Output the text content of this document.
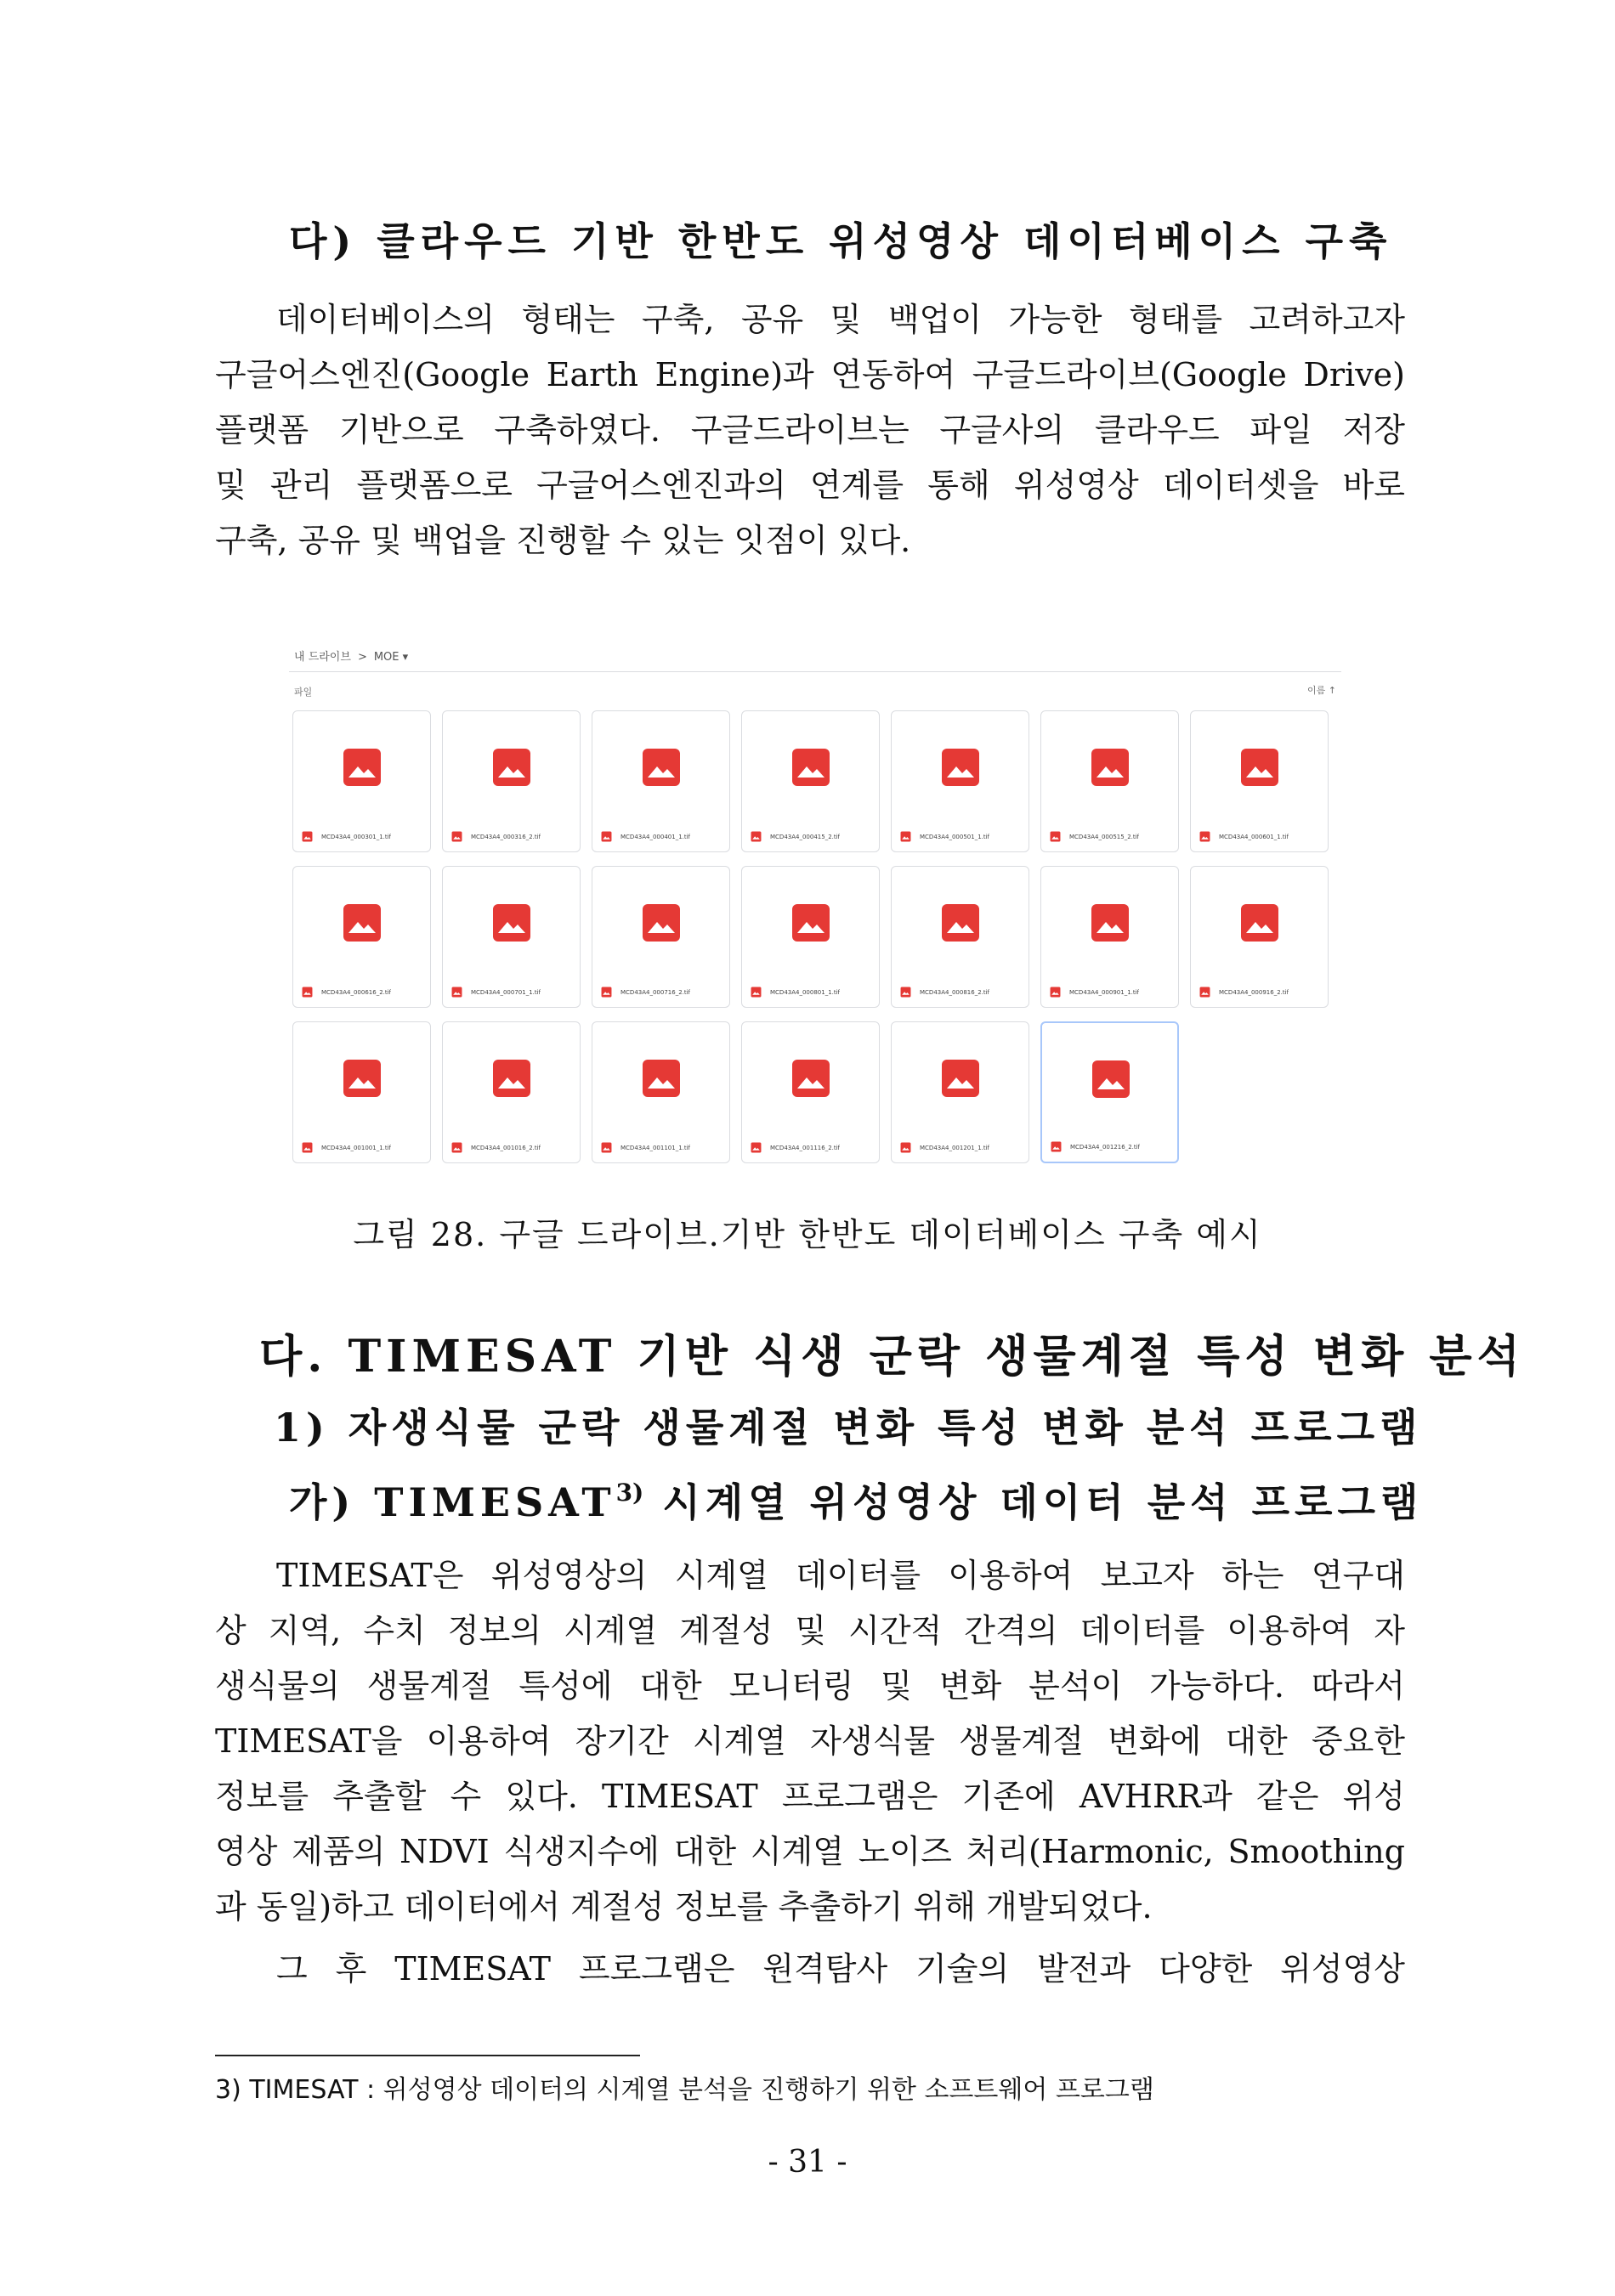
다) 클라우드 기반 한반도 위성영상 데이터베이스 구축
데이터베이스의 형태는 구축, 공유 및 백업이 가능한 형태를 고려하고자
구글어스엔진(Google Earth Engine)과 연동하여 구글드라이브(Google Drive)
플랫폼 기반으로 구축하였다. 구글드라이브는 구글사의 클라우드 파일 저장
및 관리 플랫폼으로 구글어스엔진과의 연계를 통해 위성영상 데이터셋을 바로
구축, 공유 및 백업을 진행할 수 있는 잇점이 있다.
내 드라이브 > MOE ▾
파일	이름 ↑
MCD43A4_000301_1.tif	MCD43A4_000316_2.tif	MCD43A4_000401_1.tif	MCD43A4_000415_2.tif	MCD43A4_000501_1.tif	MCD43A4_000515_2.tif	MCD43A4_000601_1.tif
MCD43A4_000616_2.tif	MCD43A4_000701_1.tif	MCD43A4_000716_2.tif	MCD43A4_000801_1.tif	MCD43A4_000816_2.tif	MCD43A4_000901_1.tif	MCD43A4_000916_2.tif
MCD43A4_001001_1.tif	MCD43A4_001016_2.tif	MCD43A4_001101_1.tif	MCD43A4_001116_2.tif	MCD43A4_001201_1.tif	MCD43A4_001216_2.tif
그림 28. 구글 드라이브.기반 한반도 데이터베이스 구축 예시
다. TIMESAT 기반 식생 군락 생물계절 특성 변화 분석
1) 자생식물 군락 생물계절 변화 특성 변화 분석 프로그램
가) TIMESAT$^{3)}$ 시계열 위성영상 데이터 분석 프로그램
TIMESAT은 위성영상의 시계열 데이터를 이용하여 보고자 하는 연구대
상 지역, 수치 정보의 시계열 계절성 및 시간적 간격의 데이터를 이용하여 자
생식물의 생물계절 특성에 대한 모니터링 및 변화 분석이 가능하다. 따라서
TIMESAT을 이용하여 장기간 시계열 자생식물 생물계절 변화에 대한 중요한
정보를 추출할 수 있다. TIMESAT 프로그램은 기존에 AVHRR과 같은 위성
영상 제품의 NDVI 식생지수에 대한 시계열 노이즈 처리(Harmonic, Smoothing
과 동일)하고 데이터에서 계절성 정보를 추출하기 위해 개발되었다.
그 후 TIMESAT 프로그램은 원격탐사 기술의 발전과 다양한 위성영상
3) TIMESAT : 위성영상 데이터의 시계열 분석을 진행하기 위한 소프트웨어 프로그램
- 31 -
